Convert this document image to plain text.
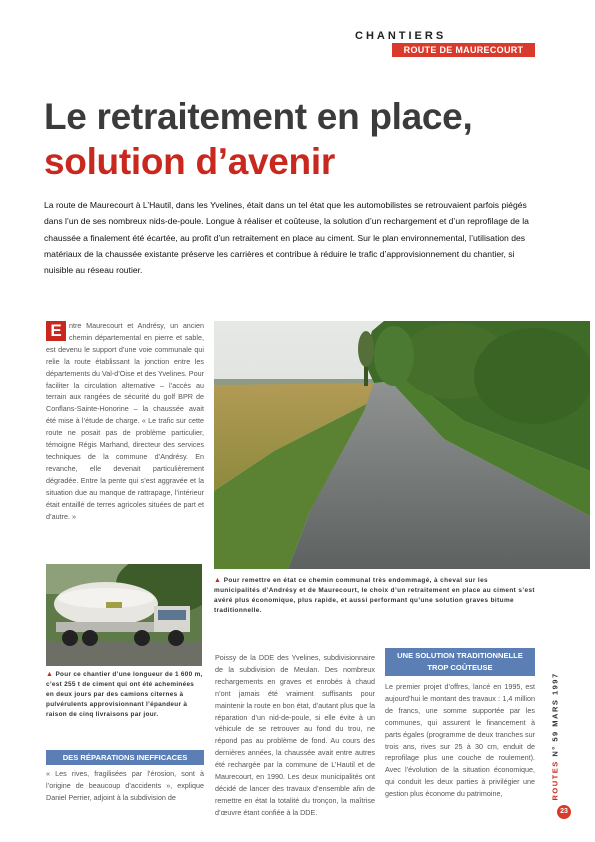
CHANTIERS
ROUTE DE MAURECOURT
Le retraitement en place,
solution d’avenir
La route de Maurecourt à L’Hautil, dans les Yvelines, était dans un tel état que les automobilistes se retrouvaient parfois piégés dans l’un de ses nombreux nids-de-poule. Longue à réaliser et coûteuse, la solution d’un rechargement et d’un reprofilage de la chaussée a finalement été écartée, au profit d’un retraitement en place au ciment. Sur le plan environnemental, l’utilisation des matériaux de la chaussée existante préserve les carrières et contribue à réduire le trafic d’approvisionnement du chantier, si nuisible au réseau routier.
E	ntre Maurecourt et Andrésy, un ancien chemin départemental en pierre et sable, est devenu le support d’une voie communale qui relie la route établissant la jonction entre les départements du Val-d’Oise et des Yvelines. Pour faciliter la circulation alternative – l’accès au terrain aux rangées de sécurité du golf BPR de Conflans-Sainte-Honorine – la chaussée avait été mise à l’étude de charge. « Le trafic sur cette route ne posait pas de problème particulier, témoigne Régis Marhand, directeur des services techniques de la commune d’Andrésy. En revanche, elle devenait particulièrement dégradée. Entre la pente qui s’est aggravée et la situation due au manque de rattrapage, l’intérieur était entaillé de terres agricoles situées de part et d’autre. »
▲ Pour remettre en état ce chemin communal très endommagé, à cheval sur les municipalités d’Andrésy et de Maurecourt, le choix d’un retraitement en place au ciment s’est avéré plus économique, plus rapide, et aussi performant qu’une solution graves bitume traditionnelle.
▲ Pour ce chantier d’une longueur de 1 600 m, c’est 255 t de ciment qui ont été acheminées en deux jours par des camions citernes à pulvérulents approvisionnant l’épandeur à raison de cinq livraisons par jour.
DES RÉPARATIONS INEFFICACES
« Les rives, fragilisées par l’érosion, sont à l’origine de beaucoup d’accidents », explique Daniel Perrier, adjoint à la subdivision de
Poissy de la DDE des Yvelines, subdivisionnaire de la subdivision de Meulan. Des nombreux rechargements en graves et enrobés à chaud n’ont jamais été vraiment suffisants pour maintenir la route en bon état, d’autant plus que la réparation d’un nid-de-poule, si elle évite à un véhicule de se retrouver au fond du trou, ne répond pas au problème de fond. Au cours des dernières années, la chaussée avait entre autres été rechargée par la commune de L’Hautil et de Maurecourt, en 1990. Les deux municipalités ont décidé de lancer des travaux d’ensemble afin de remettre en état la totalité du tronçon, la maîtrise d’œuvre étant confiée à la DDE.
UNE SOLUTION TRADITIONNELLE
TROP COÛTEUSE
Le premier projet d’offres, lancé en 1995, est aujourd’hui le montant des travaux : 1,4 million de francs, une somme supportée par les communes, qui assurent le financement à parts égales (programme de deux tranches sur trois ans, rives sur 25 à 30 cm, enduit de reprofilage plus une couche de roulement). Avec l’évolution de la situation économique, qui conduit les deux parties à privilégier une gestion plus économe du patrimoine,	ROUTES N° 59 MARS 1997
23
